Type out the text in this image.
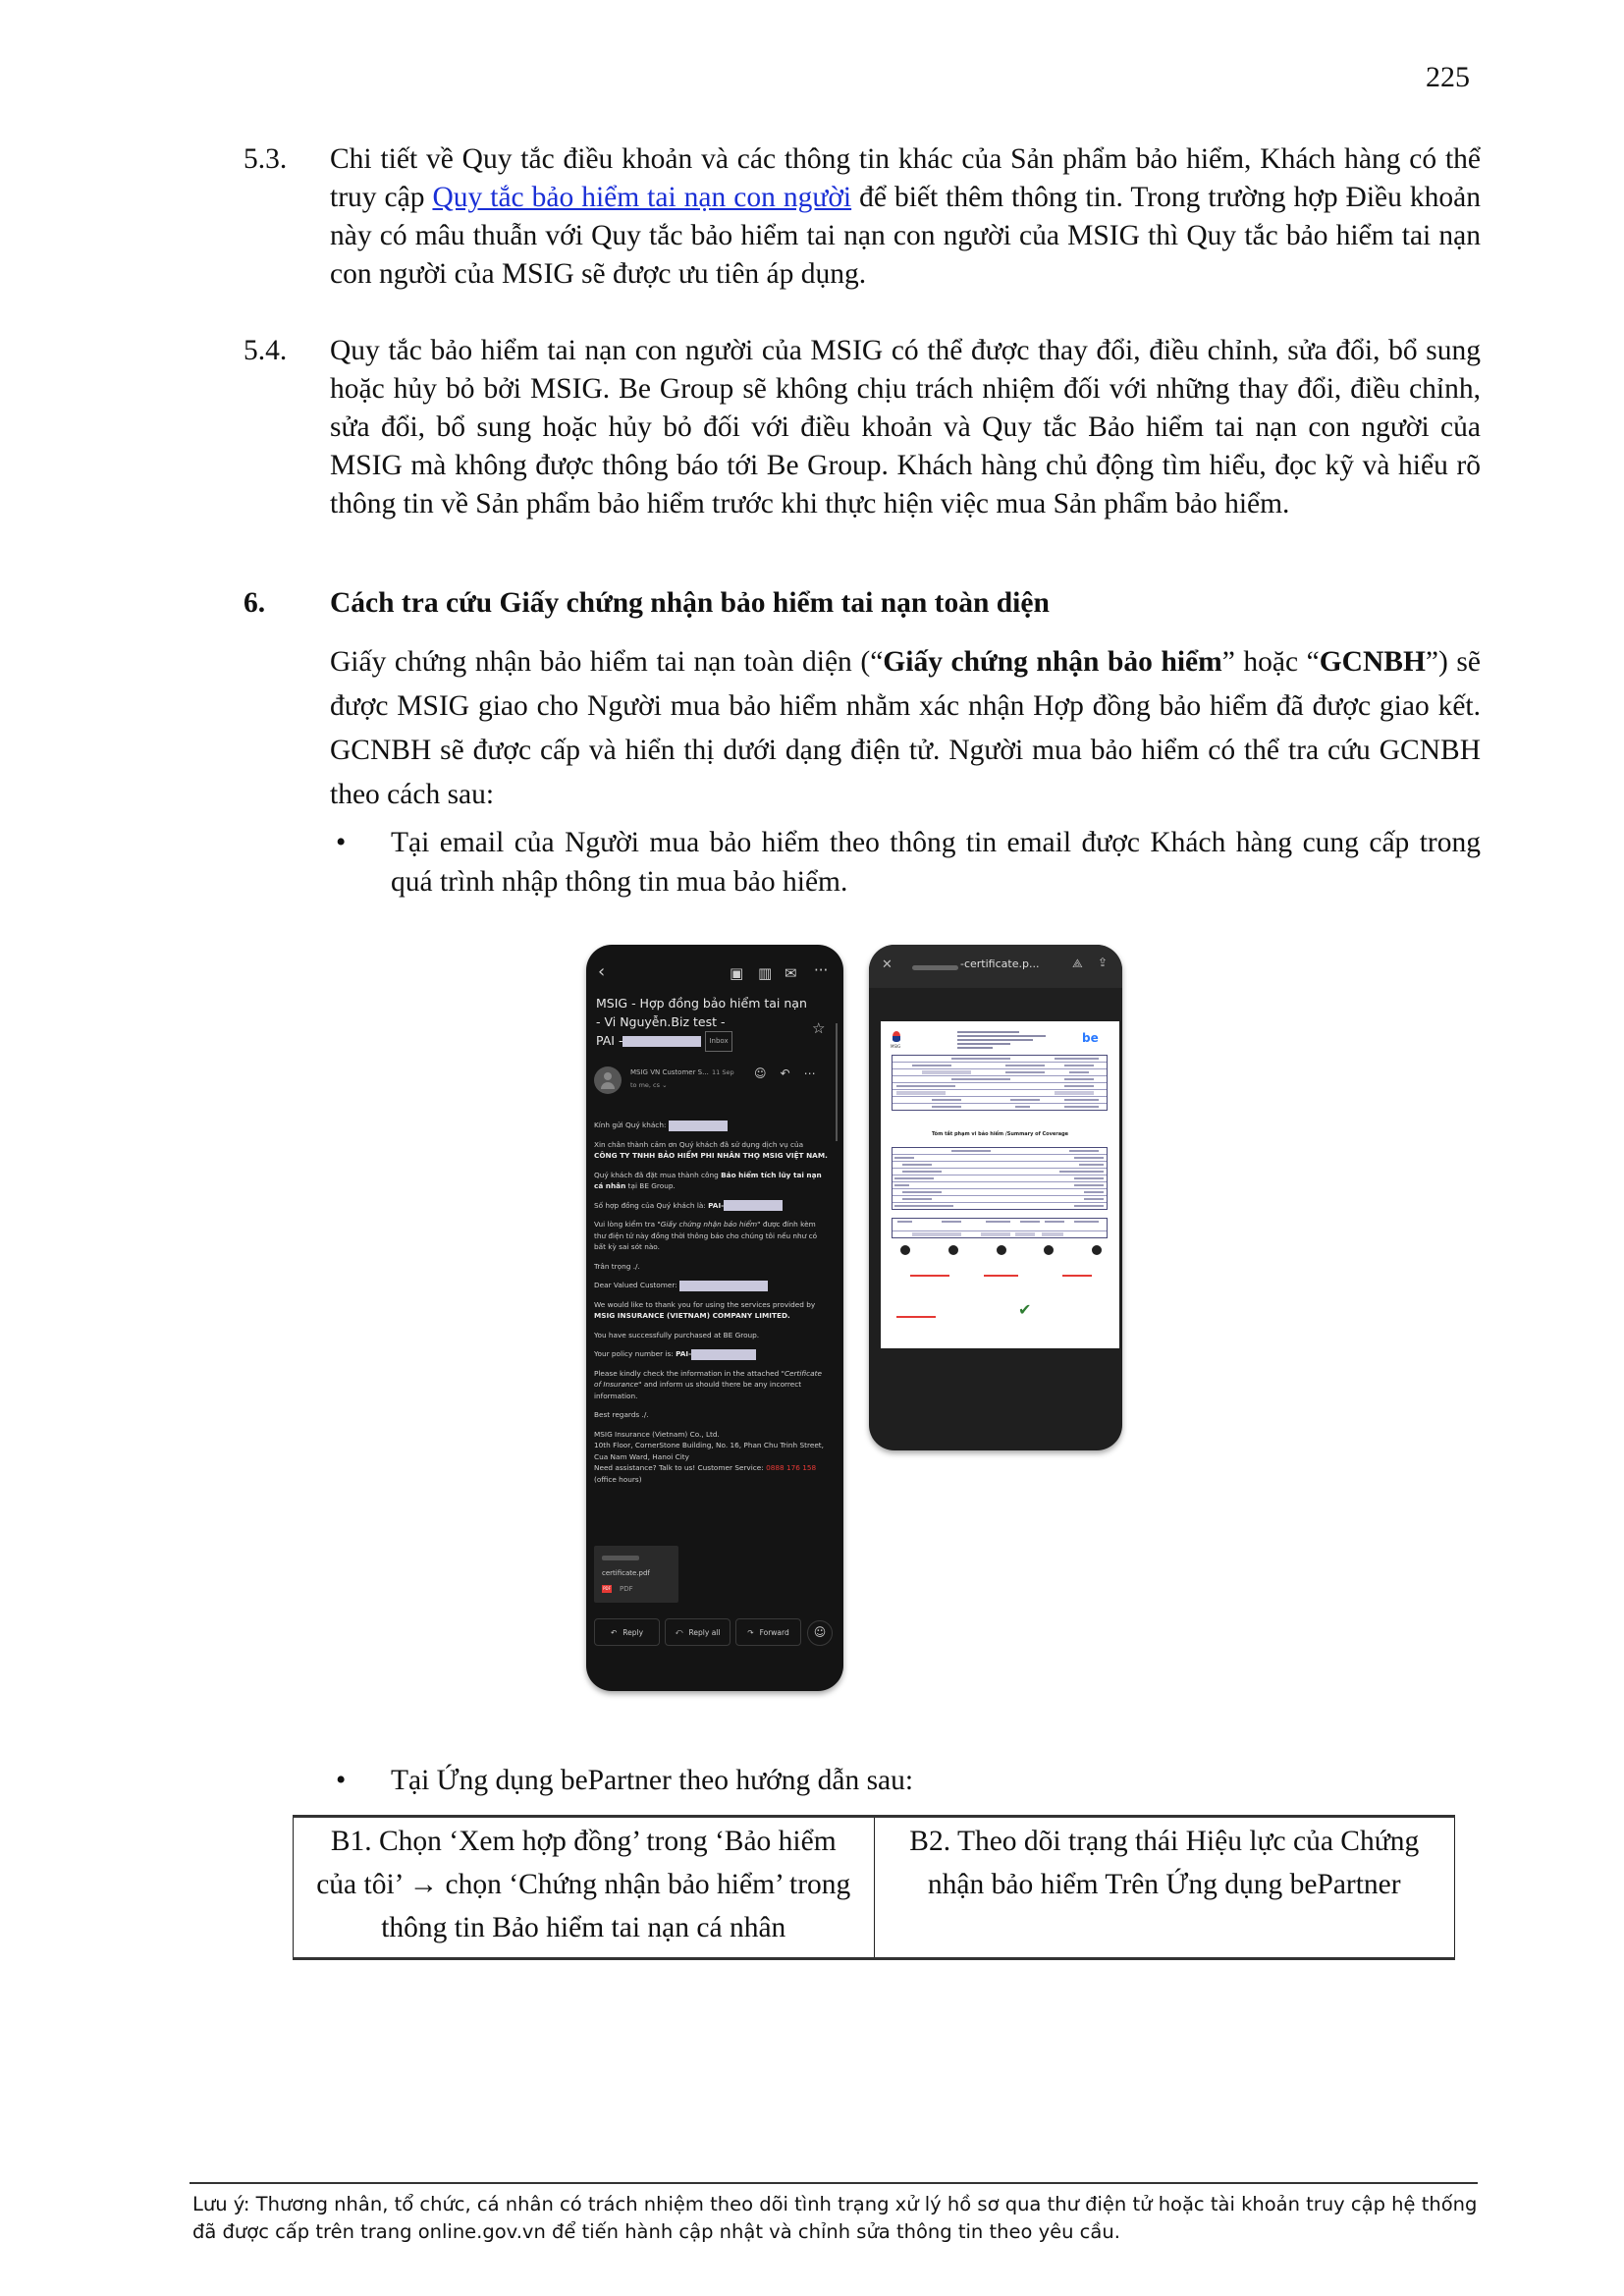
225
5.3. Chi tiết về Quy tắc điều khoản và các thông tin khác của Sản phẩm bảo hiểm, Khách hàng có thể truy cập Quy tắc bảo hiểm tai nạn con người để biết thêm thông tin. Trong trường hợp Điều khoản này có mâu thuẫn với Quy tắc bảo hiểm tai nạn con người của MSIG thì Quy tắc bảo hiểm tai nạn con người của MSIG sẽ được ưu tiên áp dụng.
5.4. Quy tắc bảo hiểm tai nạn con người của MSIG có thể được thay đổi, điều chỉnh, sửa đổi, bổ sung hoặc hủy bỏ bởi MSIG. Be Group sẽ không chịu trách nhiệm đối với những thay đổi, điều chỉnh, sửa đổi, bổ sung hoặc hủy bỏ đối với điều khoản và Quy tắc Bảo hiểm tai nạn con người của MSIG mà không được thông báo tới Be Group. Khách hàng chủ động tìm hiểu, đọc kỹ và hiểu rõ thông tin về Sản phẩm bảo hiểm trước khi thực hiện việc mua Sản phẩm bảo hiểm.
6. Cách tra cứu Giấy chứng nhận bảo hiểm tai nạn toàn diện
Giấy chứng nhận bảo hiểm tai nạn toàn diện (“Giấy chứng nhận bảo hiểm” hoặc “GCNBH”) sẽ được MSIG giao cho Người mua bảo hiểm nhằm xác nhận Hợp đồng bảo hiểm đã được giao kết. GCNBH sẽ được cấp và hiển thị dưới dạng điện tử. Người mua bảo hiểm có thể tra cứu GCNBH theo cách sau:
• Tại email của Người mua bảo hiểm theo thông tin email được Khách hàng cung cấp trong quá trình nhập thông tin mua bảo hiểm.
‹	▣ ▥ ✉ ···
MSIG - Hợp đồng bảo hiểm tai nạn
- Vi Nguyễn.Biz test -
PAI -	Inbox
☆
MSIG VN Customer S... 11 Sep
to me, cs ⌄
☺↶⋯

Kính gửi Quý khách:

Xin chân thành cảm ơn Quý khách đã sử dụng dịch vụ của
CÔNG TY TNHH BẢO HIỂM PHI NHÂN THỌ MSIG VIỆT NAM.

Quý khách đã đặt mua thành công Bảo hiểm tích lũy tai nạn cá nhân tại BE Group.

Số hợp đồng của Quý khách là: PAI-

Vui lòng kiểm tra "Giấy chứng nhận bảo hiểm" được đính kèm thư điện tử này đồng thời thông báo cho chúng tôi nếu như có bất kỳ sai sót nào.

Trân trọng ./.

Dear Valued Customer:

We would like to thank you for using the services provided by
MSIG INSURANCE (VIETNAM) COMPANY LIMITED.

You have successfully purchased at BE Group.

Your policy number is: PAI-

Please kindly check the information in the attached "Certificate of Insurance" and inform us should there be any incorrect information.

Best regards ./.

MSIG Insurance (Vietnam) Co., Ltd.
10th Floor, CornerStone Building, No. 16, Phan Chu Trinh Street,
Cua Nam Ward, Hanoi City
Need assistance? Talk to us! Customer Service: 0888 176 158 (office hours)

certificate.pdf
PDF PDF
↶ Reply	⤺ Reply all	↷ Forward	☺
✕	-certificate.p...	⟁ ⇪
MSIG
be
Tóm tắt phạm vi bảo hiểm /Summary of Coverage
✔
• Tại Ứng dụng bePartner theo hướng dẫn sau:
B1. Chọn ‘Xem hợp đồng’ trong ‘Bảo hiểm của tôi’ → chọn ‘Chứng nhận bảo hiểm’ trong thông tin Bảo hiểm tai nạn cá nhân	B2. Theo dõi trạng thái Hiệu lực của Chứng nhận bảo hiểm Trên Ứng dụng bePartner
Lưu ý: Thương nhân, tổ chức, cá nhân có trách nhiệm theo dõi tình trạng xử lý hồ sơ qua thư điện tử hoặc tài khoản truy cập hệ thống đã được cấp trên trang online.gov.vn để tiến hành cập nhật và chỉnh sửa thông tin theo yêu cầu.
